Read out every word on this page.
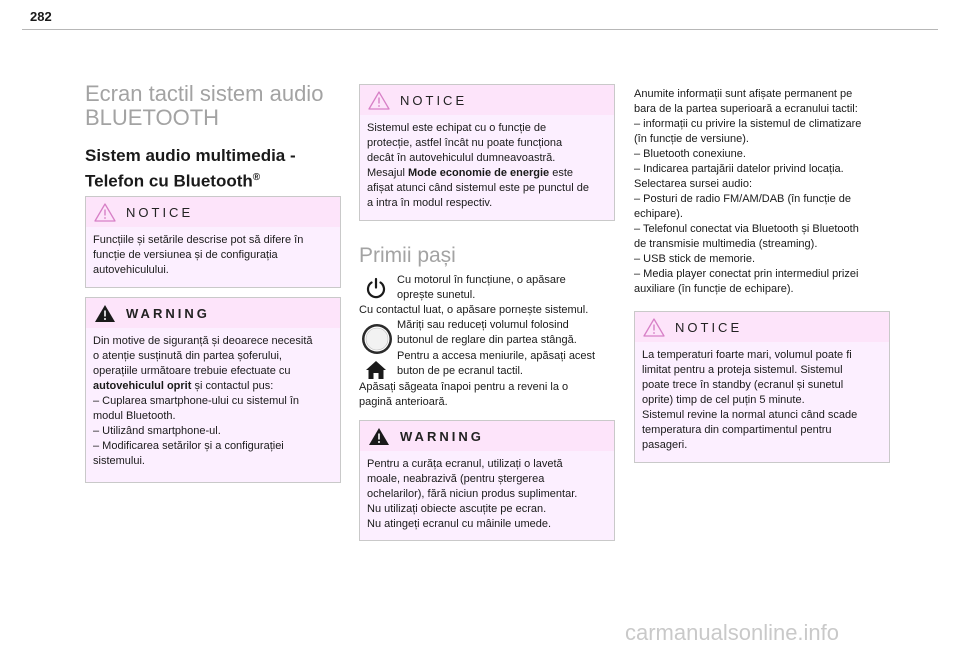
282
Ecran tactil sistem audio
BLUETOOTH
Sistem audio multimedia -
Telefon cu Bluetooth®
NOTICE

Funcțiile și setările descrise pot să difere în

funcție de versiunea și de configurația

autovehiculului.

WARNING

Din motive de siguranță și deoarece necesită

o atenție susținută din partea șoferului,

operațiile următoare trebuie efectuate cu

autovehiculul oprit și contactul pus:

– Cuplarea smartphone-ului cu sistemul în

modul Bluetooth.

– Utilizând smartphone-ul.

– Modificarea setărilor și a configurației

sistemului.

NOTICE

Sistemul este echipat cu o funcție de

protecție, astfel încât nu poate funcționa

decât în autovehiculul dumneavoastră.

Mesajul Mode economie de energie este

afișat atunci când sistemul este pe punctul de

a intra în modul respectiv.

Primii pași
Cu motorul în funcțiune, o apăsare
oprește sunetul.
Cu contactul luat, o apăsare pornește sistemul.
Măriți sau reduceți volumul folosind
butonul de reglare din partea stângă.
Pentru a accesa meniurile, apăsați acest
buton de pe ecranul tactil.
Apăsați săgeata înapoi pentru a reveni la o
pagină anterioară.
WARNING

Pentru a curăța ecranul, utilizați o lavetă

moale, neabrazivă (pentru ștergerea

ochelarilor), fără niciun produs suplimentar.

Nu utilizați obiecte ascuțite pe ecran.

Nu atingeți ecranul cu mâinile umede.

Anumite informații sunt afișate permanent pe

bara de la partea superioară a ecranului tactil:

– informații cu privire la sistemul de climatizare

(în funcție de versiune).

– Bluetooth conexiune.

– Indicarea partajării datelor privind locația.

Selectarea sursei audio:

– Posturi de radio FM/AM/DAB (în funcție de

echipare).

– Telefonul conectat via Bluetooth și Bluetooth

de transmisie multimedia (streaming).

– USB stick de memorie.

– Media player conectat prin intermediul prizei

auxiliare (în funcție de echipare).

NOTICE

La temperaturi foarte mari, volumul poate fi

limitat pentru a proteja sistemul. Sistemul

poate trece în standby (ecranul și sunetul

oprite) timp de cel puțin 5 minute.

Sistemul revine la normal atunci când scade

temperatura din compartimentul pentru

pasageri.

carmanualsonline.info
